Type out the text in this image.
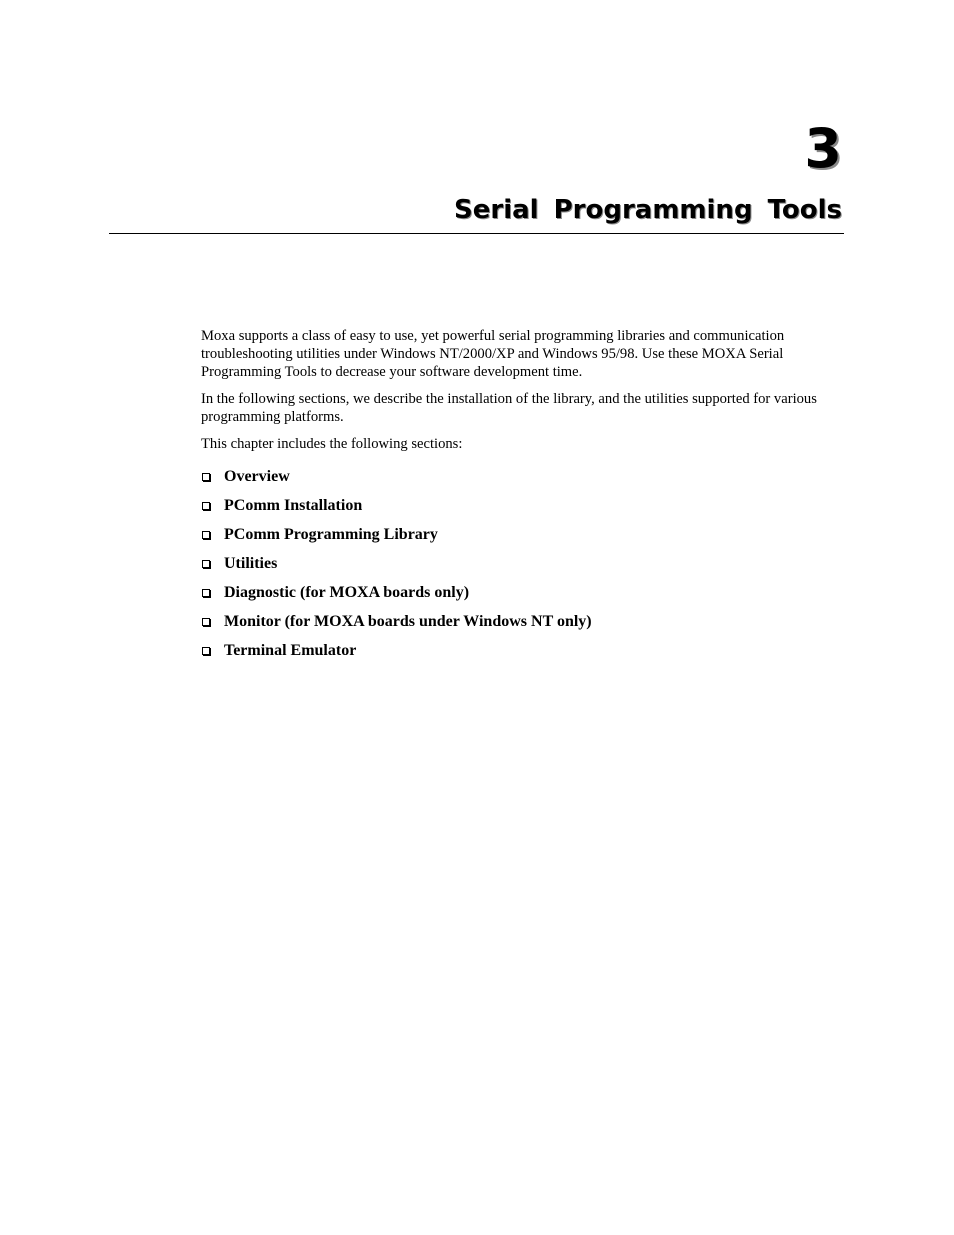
3
Serial Programming Tools

Moxa supports a class of easy to use, yet powerful serial programming libraries and communication troubleshooting utilities under Windows NT/2000/XP and Windows 95/98. Use these MOXA Serial Programming Tools to decrease your software development time.

In the following sections, we describe the installation of the library, and the utilities supported for various programming platforms.

This chapter includes the following sections:

Overview
PComm Installation
PComm Programming Library
Utilities
Diagnostic (for MOXA boards only)
Monitor (for MOXA boards under Windows NT only)
Terminal Emulator
